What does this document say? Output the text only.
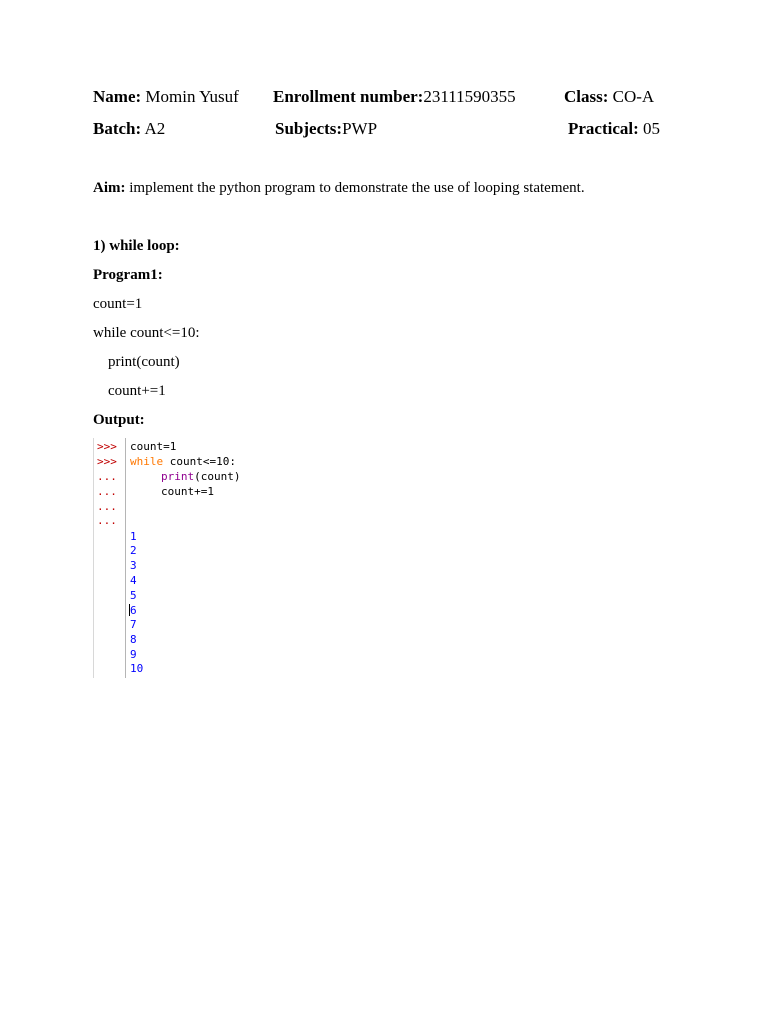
Name: Momin Yusuf Enrollment number:23111590355	Class: CO-A
Batch: A2	Subjects:PWP	Practical: 05
Aim: implement the python program to demonstrate the use of looping statement.
1) while loop:
Program1:
count=1
while count<=10:
print(count)
count+=1
Output:
>>>
>>>
...
...
...
...
count=1
while count<=10:
print(count)
count+=1
1
2
3
4
5
6
7
8
9
10
